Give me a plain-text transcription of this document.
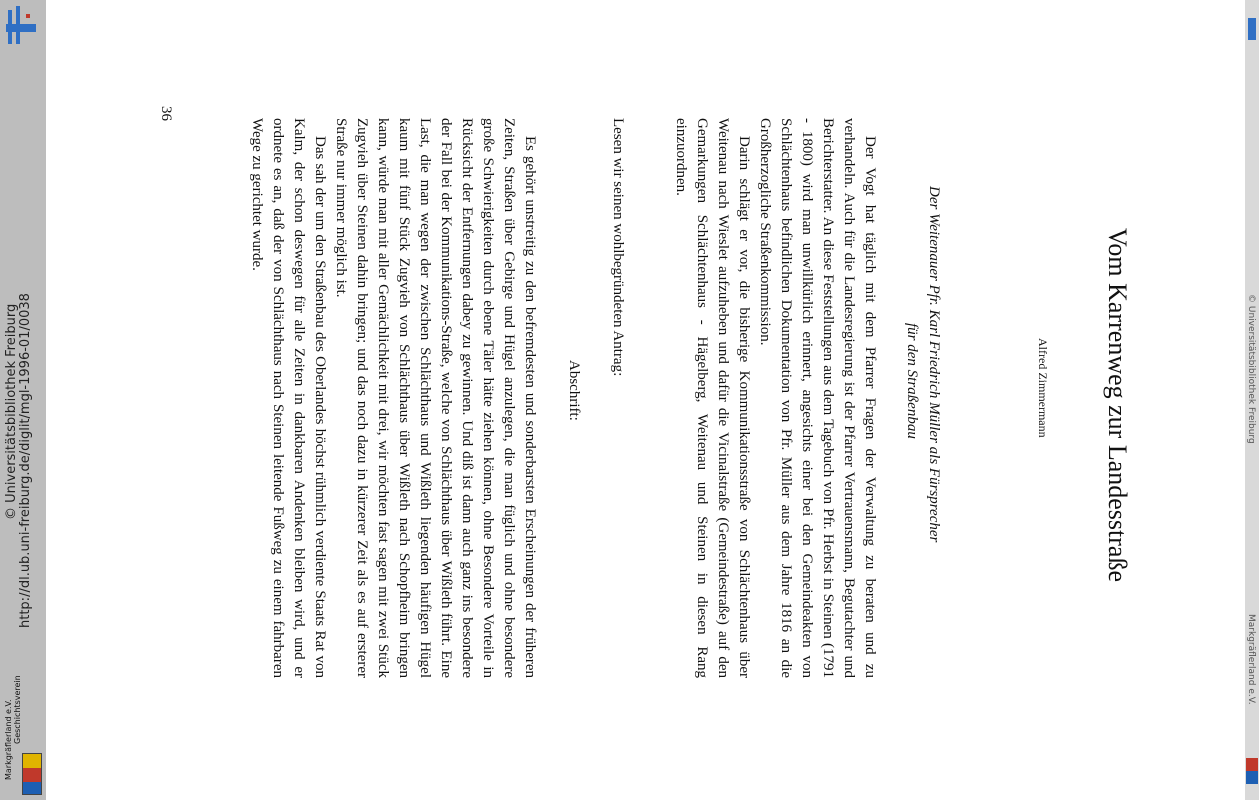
http://dl.ub.uni-freiburg.de/diglit/mgl-1996-01/0038
© Universitätsbibliothek Freiburg
Geschichtsverein
Markgräflerland e.V.
© Universitätsbibliothek Freiburg
Markgräflerland e.V.
Vom Karrenweg zur Landesstraße
Alfred Zimmermann
Der Weitenauer Pfr. Karl Friedrich Müller als Fürsprecher
für den Straßenbau

Der Vogt hat täglich mit dem Pfarrer Fragen der Verwaltung zu beraten und zu verhandeln. Auch für die Landesregierung ist der Pfarrer Vertrauensmann, Begutachter und Berichterstatter. An diese Feststellungen aus dem Tagebuch von Pfr. Herbst in Steinen (1791 - 1800) wird man unwillkürlich erinnert, angesichts einer bei den Gemeindeakten von Schlächtenhaus befindlichen Dokumentation von Pfr. Müller aus dem Jahre 1816 an die Großherzogliche Straßenkommission.

Darin schlägt er vor, die bisherige Kommunikationsstraße von Schlächtenhaus über Weitenau nach Wieslet aufzuheben und dafür die Vicinalstraße (Gemeindestraße) auf den Gemarkungen Schlächtenhaus - Hägelberg, Weitenau und Steinen in diesen Rang einzuordnen.

Lesen wir seinen wohlbegründeten Antrag:
Abschrift:

Es gehört unstreitig zu den befremdesten und sonderbarsten Erscheinungen der früheren Zeiten, Straßen über Gebirge und Hügel anzulegen, die man füglich und ohne besondere große Schwierigkeiten durch ebene Täler hätte ziehen können, ohne Besondere Vorteile in Rücksicht der Entfernungen dabey zu gewinnen. Und diß ist dann auch ganz ins besondere der Fall bei der Kommunikations-Straße, welche von Schlächthaus über Wißleth führt. Eine Last, die man wegen der zwischen Schlächthaus und Wißleth liegenden häufigen Hügel kaum mit fünf Stück Zugvieh von Schlächthaus über Wißleth nach Schopfheim bringen kann, würde man mit aller Gemächlichkeit mit drei, wir möchten fast sagen mit zwei Stück Zugvieh über Steinen dahin bringen; und das noch dazu in kürzerer Zeit als es auf ersterer Straße nur immer möglich ist.

Das sah der um den Straßenbau des Oberlandes höchst rühmlich verdiente Staats Rat von Kalm, der schon deswegen für alle Zeiten in dankbaren Andenken bleiben wird, und er ordnete es an, daß der von Schlächthaus nach Steinen leitende Fußweg zu einem fahrbaren Wege zu gerichtet wurde.

36
